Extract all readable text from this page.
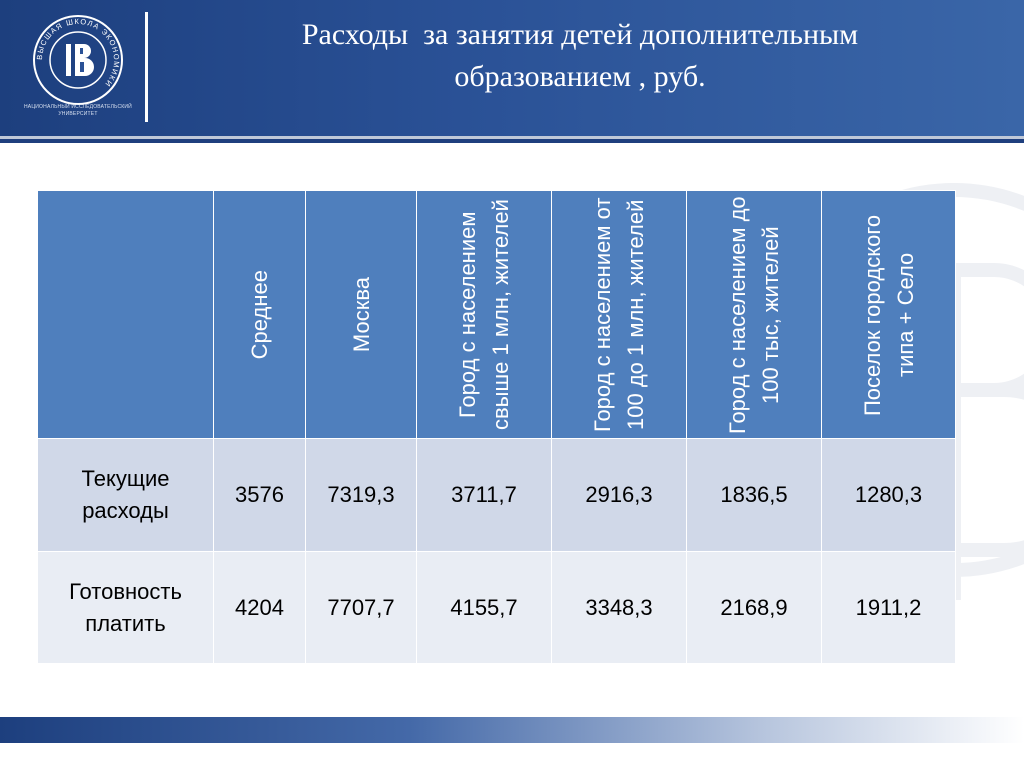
ВЫСШАЯ ШКОЛА ЭКОНОМИКИ
НАЦИОНАЛЬНЫЙ ИССЛЕДОВАТЕЛЬСКИЙ
УНИВЕРСИТЕТ
Расходы  за занятия детей дополнительным
образованием , руб.

	Среднее	Москва	Город с населением свыше 1 млн, жителей	Город с населением от 100 до 1 млн, жителей	Город с населением до 100 тыс, жителей	Поселок городского типа + Село

Текущие расходы	3576	7319,3	3711,7	2916,3	1836,5	1280,3
Готовность платить	4204	7707,7	4155,7	3348,3	2168,9	1911,2
